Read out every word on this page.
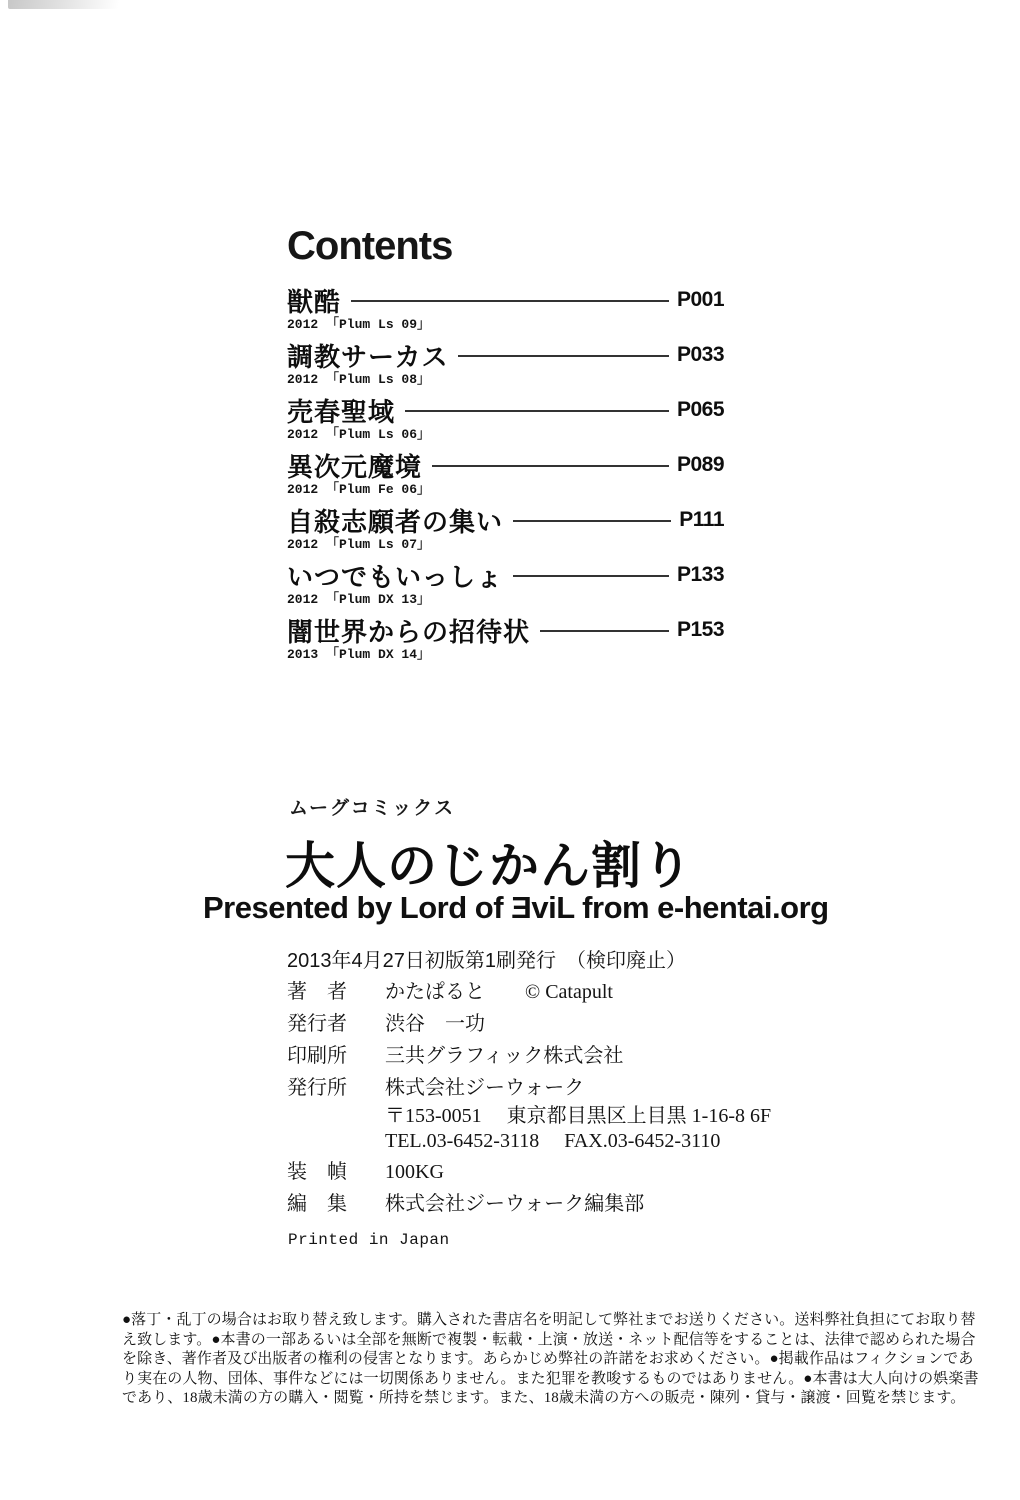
Contents
獣酷	P001
2012 「Plum Ls 09」
調教サーカス	P033
2012 「Plum Ls 08」
売春聖域	P065
2012 「Plum Ls 06」
異次元魔境	P089
2012 「Plum Fe 06」
自殺志願者の集い	P111
2012 「Plum Ls 07」
いつでもいっしょ	P133
2012 「Plum DX 13」
闇世界からの招待状	P153
2013 「Plum DX 14」
ムーグコミックス
大人のじかん割り
Presented by Lord of ƎviL from e-hentai.org
2013年4月27日初版第1刷発行　（検印廃止）
著　者 かたぱると　　© Catapult
発行者 渋谷　一功
印刷所 三共グラフィック株式会社
発行所 株式会社ジーウォーク
〒153-0051　 東京都目黒区上目黒 1-16-8 6F
TEL.03-6452-3118　 FAX.03-6452-3110
装　幀 100KG
編　集 株式会社ジーウォーク編集部
Printed in Japan
●落丁・乱丁の場合はお取り替え致します。購入された書店名を明記して弊社までお送りください。送料弊社負担にてお取り替
え致します。●本書の一部あるいは全部を無断で複製・転載・上演・放送・ネット配信等をすることは、法律で認められた場合
を除き、著作者及び出版者の権利の侵害となります。あらかじめ弊社の許諾をお求めください。●掲載作品はフィクションであ
り実在の人物、団体、事件などには一切関係ありません。また犯罪を教唆するものではありません。●本書は大人向けの娯楽書
であり、18歳未満の方の購入・閲覧・所持を禁じます。また、18歳未満の方への販売・陳列・貸与・譲渡・回覧を禁じます。
